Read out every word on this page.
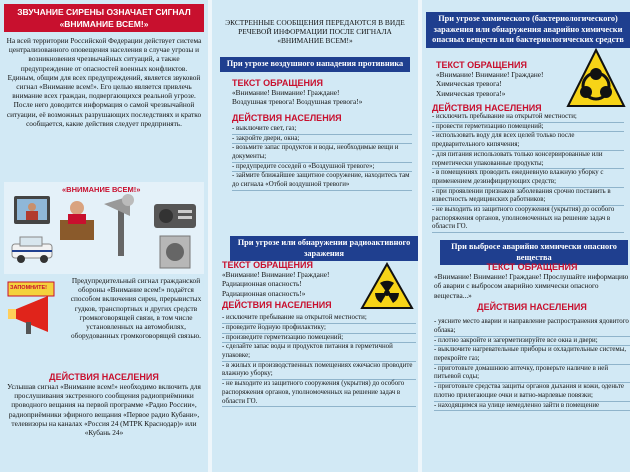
ЗВУЧАНИЕ СИРЕНЫ ОЗНАЧАЕТ СИГНАЛ
«ВНИМАНИЕ ВСЕМ!»

На всей территории Российской Федерации действует система централизованного оповещения населения в случае угрозы и возникновения чрезвычайных ситуаций, а также предупреждение от опасностей военных конфликтов.

Единым, общим для всех предупреждений, является звуковой сигнал «Внимание всем!». Его целью является привлечь внимание всех граждан, подвергающихся реальной угрозе.

После него доводится информация о самой чрезвычайной ситуации, её возможных разрушающих последствиях и кратко сообщается, какие действия следует предпринять.

«ВНИМАНИЕ ВСЕМ!»
ЗАПОМНИТЕ!

Предупредительный сигнал гражданской обороны «Внимание всем!» подаётся способом включения сирен, прерывистых гудков, транспортных и других средств громкоговорящей связи, в том числе установленных на автомобилях, оборудованных громкоговорящей связью.

ДЕЙСТВИЯ НАСЕЛЕНИЯ

Услышав сигнал «Внимание всем!» необходимо включить для прослушивания экстренного сообщения радиоприёмники проводного вещания на первой программе «Радио России», радиоприёмники эфирного вещания «Первое радио Кубани», телевизоры на каналах «Россия 24 (МТРК Краснодар)» или «Кубань 24»

ЭКСТРЕННЫЕ СООБЩЕНИЯ ПЕРЕДАЮТСЯ В ВИДЕ РЕЧЕВОЙ ИНФОРМАЦИИ ПОСЛЕ СИГНАЛА «ВНИМАНИЕ ВСЕМ!»

При угрозе воздушного нападения противника

ТЕКСТ ОБРАЩЕНИЯ

«Внимание! Внимание! Граждане!

Воздушная тревога! Воздушная тревога!»

ДЕЙСТВИЯ НАСЕЛЕНИЯ

- выключите свет, газ;
- закройте двери, окна;
- возьмите запас продуктов и воды, необходимые вещи и документы;
- предупредите соседей о «Воздушной тревоге»;
- займите ближайшее защитное сооружение, находитесь там до сигнала «Отбой воздушной тревоги»
При угрозе или обнаружении радиоактивного заражения

ТЕКСТ ОБРАЩЕНИЯ

«Внимание! Внимание! Граждане!

Радиационная опасность!

Радиационная опасность!»

ДЕЙСТВИЯ НАСЕЛЕНИЯ

- исключите пребывание на открытой местности;
- проведите йодную профилактику;
- произведите герметизацию помещений;
- сделайте запас воды и продуктов питания в герметичной упаковке;
- в жилых и производственных помещениях ежечасно проводите влажную уборку;
- не выходите из защитного сооружения (укрытия) до особого распоряжения органов, уполномоченных на решение задач в области ГО.
При угрозе химического (бактериологического) заражения или обнаружения аварийно химически опасных веществ или бактериологических средств

ТЕКСТ ОБРАЩЕНИЯ

«Внимание! Внимание! Граждане!

Химическая тревога!

Химическая тревога!»

ДЕЙСТВИЯ НАСЕЛЕНИЯ

- исключить пребывание на открытой местности;
- провести герметизацию помещений;
- использовать воду для всех целей только после предварительного кипячения;
- для питания использовать только консервированные или герметически упакованные продукты;
- в помещениях проводить ежедневную влажную уборку с применением дезинфицирующих средств;
- при проявлении признаков заболевания срочно поставить в известность медицинских работников;
- не выходить из защитного сооружения (укрытия) до особого распоряжения органов, уполномоченных на решение задач в области ГО.
При выбросе аварийно химически опасного вещества

ТЕКСТ ОБРАЩЕНИЯ

«Внимание! Внимание! Граждане! Прослушайте информацию об аварии с выбросом аварийно химически опасного вещества...»

ДЕЙСТВИЯ НАСЕЛЕНИЯ

- уясните место аварии и направление распространения ядовитого облака;
- плотно закройте и загерметизируйте все окна и двери;
- выключите нагревательные приборы и охладительные системы, перекройте газ;
- приготовьте домашнюю аптечку, проверьте наличие в ней питьевой соды;
- приготовьте средства защиты органов дыхания и кожи, оденьте плотно прилегающие очки и ватно-марлевые повязки;
- находящимся на улице немедленно зайти в помещение
